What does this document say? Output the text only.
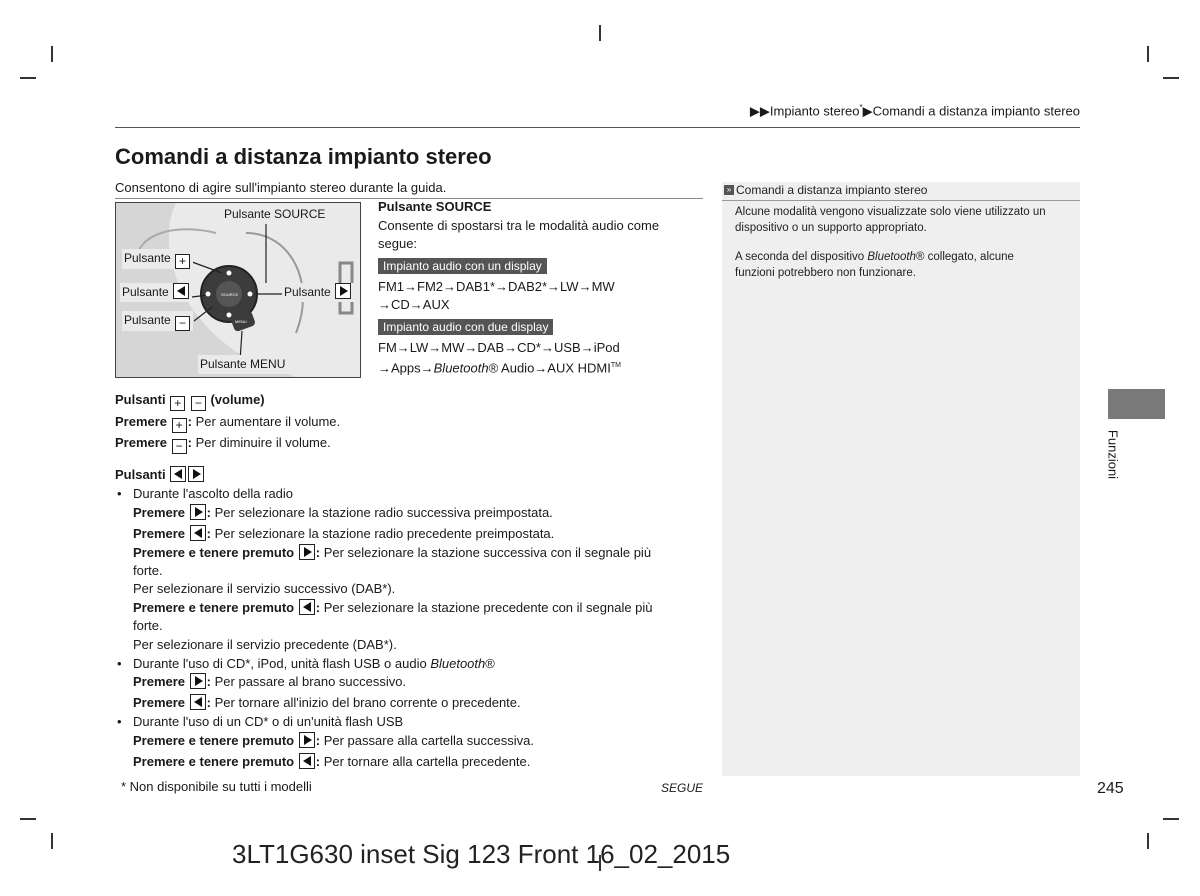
▶▶Impianto stereo*▶Comandi a distanza impianto stereo
Comandi a distanza impianto stereo
Consentono di agire sull'impianto stereo durante la guida.
SOURCE
MENU
Pulsante SOURCE
Pulsante +
Pulsante	Pulsante
Pulsante −
Pulsante MENU
Pulsante SOURCE
Consente di spostarsi tra le modalità audio come
segue:
Impianto audio con un display
FM1→FM2→DAB1*→DAB2*→LW→MW
→CD→AUX
Impianto audio con due display
FM→LW→MW→DAB→CD*→USB→iPod
→Apps→Bluetooth® Audio→AUX HDMI™
Pulsanti + − (volume)
Premere + : Per aumentare il volume.
Premere − : Per diminuire il volume.
Pulsanti
• Durante l'ascolto della radio
Premere : Per selezionare la stazione radio successiva preimpostata.
Premere : Per selezionare la stazione radio precedente preimpostata.
Premere e tenere premuto : Per selezionare la stazione successiva con il segnale più
forte.
Per selezionare il servizio successivo (DAB*).
Premere e tenere premuto : Per selezionare la stazione precedente con il segnale più
forte.
Per selezionare il servizio precedente (DAB*).
• Durante l'uso di CD*, iPod, unità flash USB o audio Bluetooth®
Premere : Per passare al brano successivo.
Premere : Per tornare all'inizio del brano corrente o precedente.
• Durante l'uso di un CD* o di un'unità flash USB
Premere e tenere premuto : Per passare alla cartella successiva.
Premere e tenere premuto : Per tornare alla cartella precedente.
* Non disponibile su tutti i modelli	SEGUE	245
» Comandi a distanza impianto stereo
Alcune modalità vengono visualizzate solo viene utilizzato un
dispositivo o un supporto appropriato.
A seconda del dispositivo Bluetooth® collegato, alcune
funzioni potrebbero non funzionare.
Funzioni
3LT1G630 inset Sig 123 Front 16_02_2015
